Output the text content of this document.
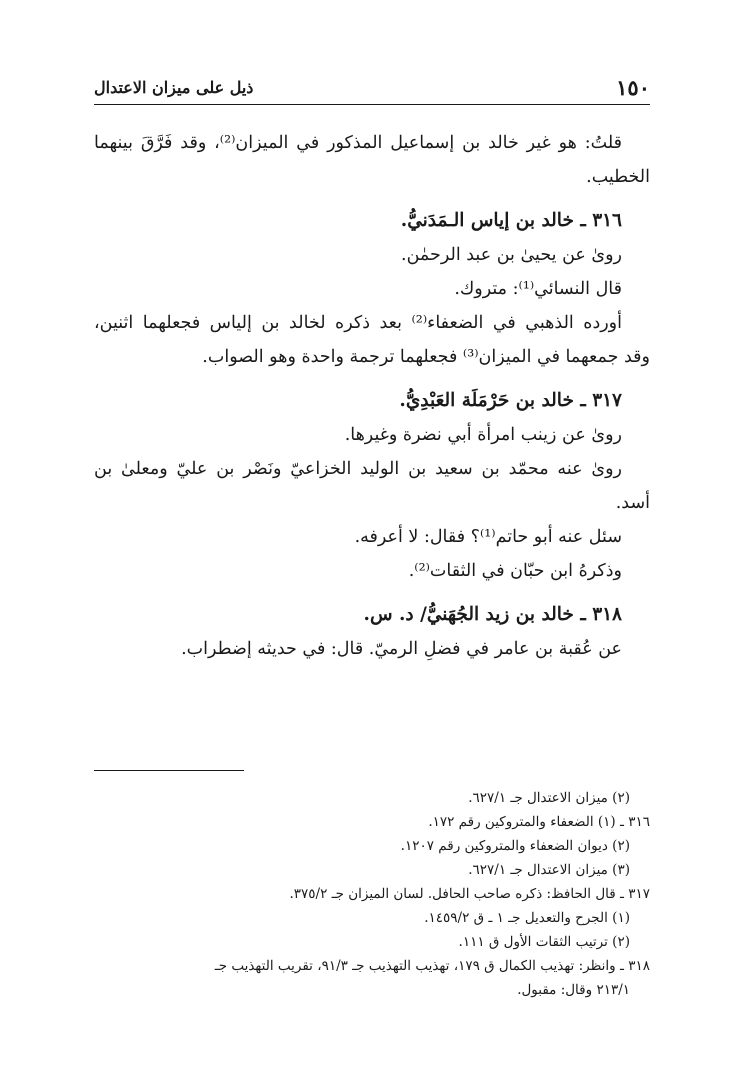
١٥٠
ذيل على ميزان الاعتدال
قلتُ: هو غير خالد بن إسماعيل المذكور في الميزان⁽²⁾، وقد فَرَّقَ بينهما
الخطيب.
٣١٦ ـ خالد بن إياس الـمَدَنيُّ.
روىٰ عن يحيىٰ بن عبد الرحمٰن.
قال النسائي⁽¹⁾: متروك.
أورده الذهبي في الضعفاء⁽²⁾ بعد ذكره لخالد بن إلياس فجعلهما اثنين،
وقد جمعهما في الميزان⁽³⁾ فجعلهما ترجمة واحدة وهو الصواب.
٣١٧ ـ خالد بن حَرْمَلَة العَبْدِيُّ.
روىٰ عن زينب امرأة أبي نضرة وغيرها.
روىٰ عنه محمّد بن سعيد بن الوليد الخزاعيّ ونَصْر بن عليّ ومعلىٰ بن
أسد.
سئل عنه أبو حاتم⁽¹⁾؟ فقال: لا أعرفه.
وذكرهُ ابن حبّان في الثقات⁽²⁾.
٣١٨ ـ خالد بن زيد الجُهَنيُّ/ د. س.
عن عُقبة بن عامر في فضلِ الرميّ. قال: في حديثه إضطراب.
(٢) ميزان الاعتدال جـ ٦٢٧/١.
٣١٦ ـ (١) الضعفاء والمتروكين رقم ١٧٢.
(٢) ديوان الضعفاء والمتروكين رقم ١٢٠٧.
(٣) ميزان الاعتدال جـ ٦٢٧/١.
٣١٧ ـ قال الحافظ: ذكره صاحب الحافل. لسان الميزان جـ ٣٧٥/٢.
(١) الجرح والتعديل جـ ١ ـ ق ١٤٥٩/٢.
(٢) ترتيب الثقات الأول ق ١١١.
٣١٨ ـ وانظر: تهذيب الكمال ق ١٧٩، تهذيب التهذيب جـ ٩١/٣، تقريب التهذيب جـ
٢١٣/١ وقال: مقبول.
